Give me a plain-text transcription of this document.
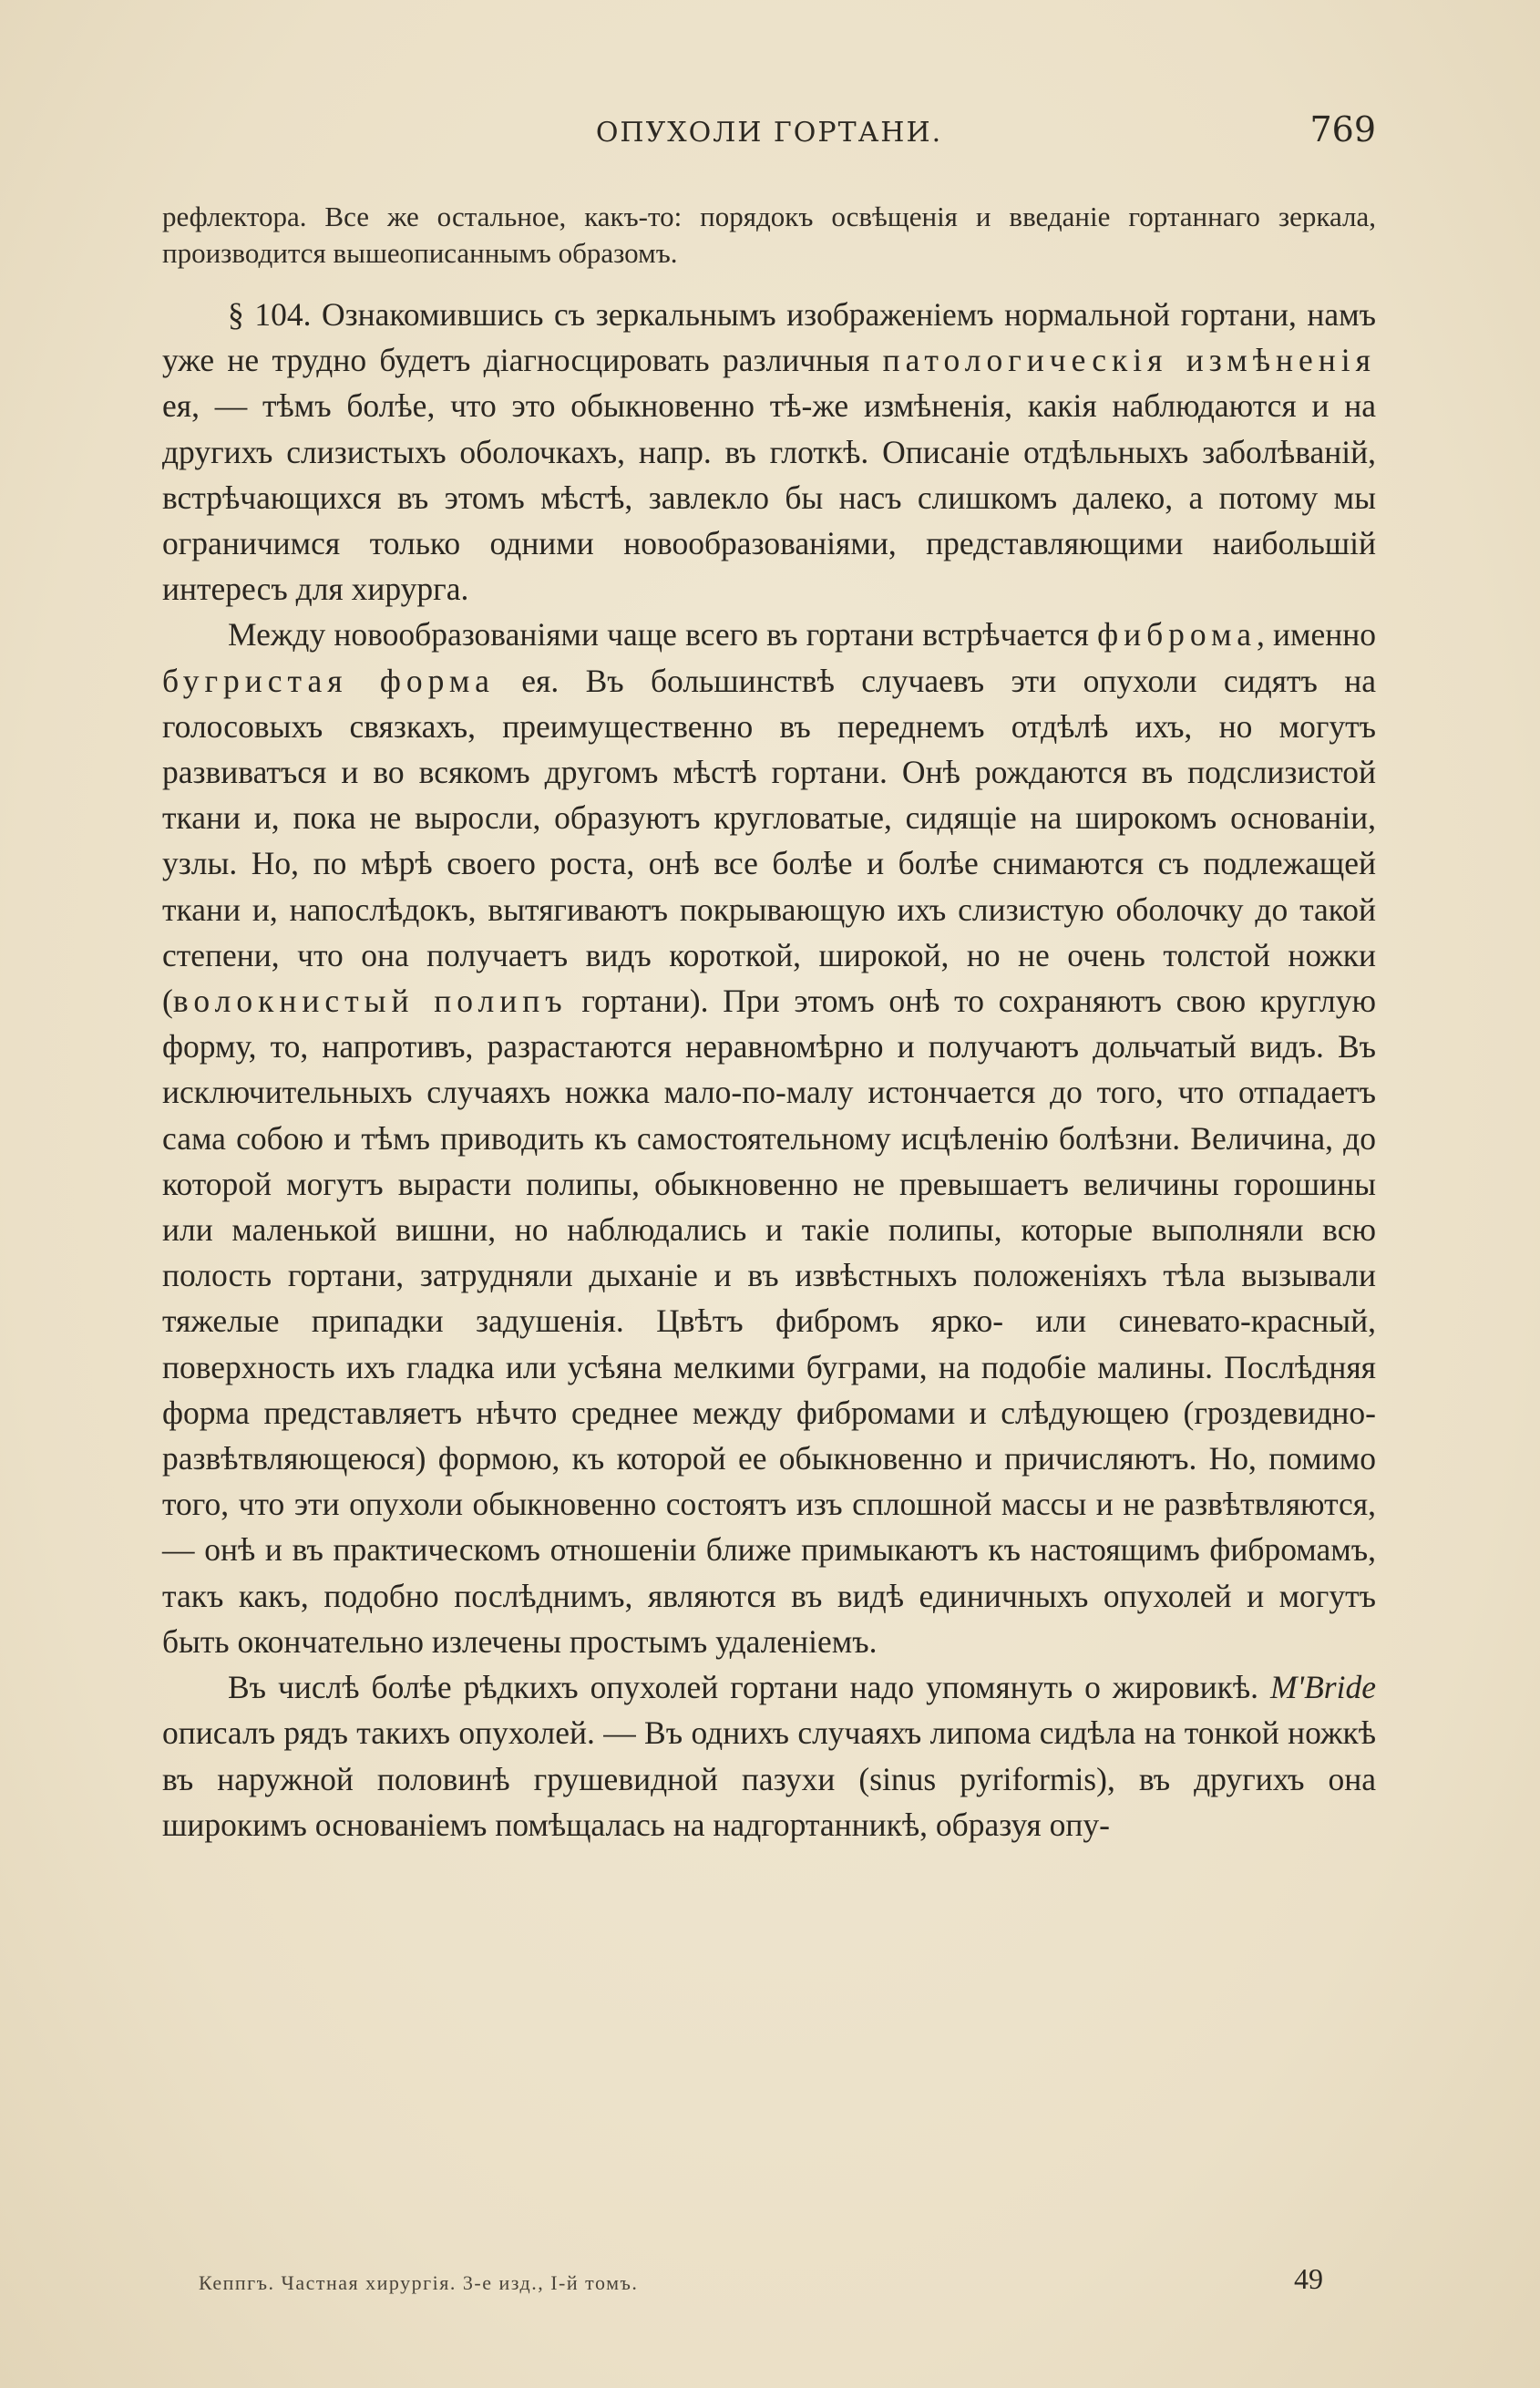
ОПУХОЛИ ГОРТАНИ.	769

рефлектора. Все же остальное, какъ-то: порядокъ освѣщенія и введаніе гортаннаго зеркала, производится вышеописаннымъ образомъ.

§ 104. Ознакомившись съ зеркальнымъ изображеніемъ нормальной гортани, намъ уже не трудно будетъ діагносцировать различныя патологическія измѣненія ея, — тѣмъ болѣе, что это обыкновенно тѣ-же измѣненія, какія наблюдаются и на другихъ слизистыхъ оболочкахъ, напр. въ глоткѣ. Описаніе отдѣльныхъ заболѣваній, встрѣчающихся въ этомъ мѣстѣ, завлекло бы насъ слишкомъ далеко, а потому мы ограничимся только одними новообразованіями, представляющими наибольшій интересъ для хирурга.

Между новообразованіями чаще всего въ гортани встрѣчается фиброма, именно бугристая форма ея. Въ большинствѣ случаевъ эти опухоли сидятъ на голосовыхъ связкахъ, преимущественно въ переднемъ отдѣлѣ ихъ, но могутъ развиватъся и во всякомъ другомъ мѣстѣ гортани. Онѣ рождаются въ подслизистой ткани и, пока не выросли, образуютъ кругловатые, сидящіе на широкомъ основаніи, узлы. Но, по мѣрѣ своего роста, онѣ все болѣе и болѣе снимаются съ подлежащей ткани и, напослѣдокъ, вытягиваютъ покрывающую ихъ слизистую оболочку до такой степени, что она получаетъ видъ короткой, широкой, но не очень толстой ножки (волокнистый полипъ гортани). При этомъ онѣ то сохраняютъ свою круглую форму, то, напротивъ, разрастаются неравномѣрно и получаютъ дольчатый видъ. Въ исключительныхъ случаяхъ ножка мало-по-малу истончается до того, что отпадаетъ сама собою и тѣмъ приводить къ самостоятельному исцѣленію болѣзни. Величина, до которой могутъ вырасти полипы, обыкновенно не превышаетъ величины горошины или маленькой вишни, но наблюдались и такіе полипы, которые выполняли всю полость гортани, затрудняли дыханіе и въ извѣстныхъ положеніяхъ тѣла вызывали тяжелые припадки задушенія. Цвѣтъ фибромъ ярко- или синевато-красный, поверхность ихъ гладка или усѣяна мелкими буграми, на подобіе малины. Послѣдняя форма представляетъ нѣчто среднее между фибромами и слѣдующею (гроздевидно-развѣтвляющеюся) формою, къ которой ее обыкновенно и причисляютъ. Но, помимо того, что эти опухоли обыкновенно состоятъ изъ сплошной массы и не развѣтвляются, — онѣ и въ практическомъ отношеніи ближе примыкаютъ къ настоящимъ фибромамъ, такъ какъ, подобно послѣднимъ, являются въ видѣ единичныхъ опухолей и могутъ быть окончательно излечены простымъ удаленіемъ.

Въ числѣ болѣе рѣдкихъ опухолей гортани надо упомянуть о жировикѣ. M'Bride описалъ рядъ такихъ опухолей. — Въ однихъ случаяхъ липома сидѣла на тонкой ножкѣ въ наружной половинѣ грушевидной пазухи (sinus pyriformis), въ другихъ она широкимъ основаніемъ помѣщалась на надгортанникѣ, образуя опу-

Кеппгъ. Частная хирургія. 3-е изд., I-й томъ.	49
